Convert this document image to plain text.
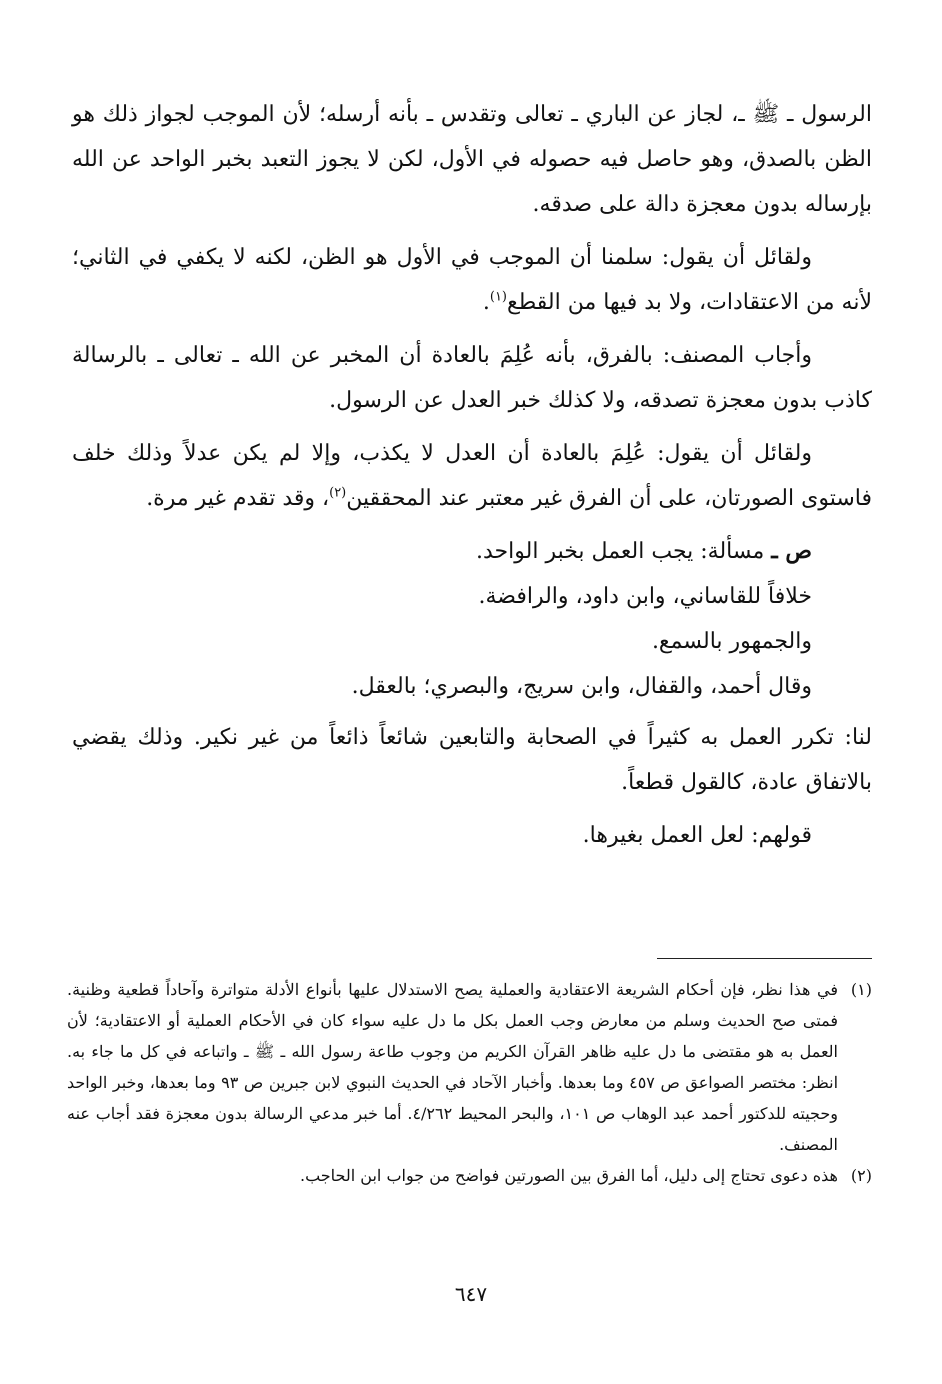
الرسول ـ ﷺ ـ، لجاز عن الباري ـ تعالى وتقدس ـ بأنه أرسله؛ لأن الموجب لجواز ذلك هو الظن بالصدق، وهو حاصل فيه حصوله في الأول، لكن لا يجوز التعبد بخبر الواحد عن الله بإرساله بدون معجزة دالة على صدقه.

ولقائل أن يقول: سلمنا أن الموجب في الأول هو الظن، لكنه لا يكفي في الثاني؛ لأنه من الاعتقادات، ولا بد فيها من القطع$^{(١)}$.

وأجاب المصنف: بالفرق، بأنه عُلِمَ بالعادة أن المخبر عن الله ـ تعالى ـ بالرسالة كاذب بدون معجزة تصدقه، ولا كذلك خبر العدل عن الرسول.

ولقائل أن يقول: عُلِمَ بالعادة أن العدل لا يكذب، وإلا لم يكن عدلاً وذلك خلف فاستوى الصورتان، على أن الفرق غير معتبر عند المحققين$^{(٢)}$، وقد تقدم غير مرة.

ص ـ مسألة: يجب العمل بخبر الواحد.
خلافاً للقاساني، وابن داود، والرافضة.
والجمهور بالسمع.
وقال أحمد، والقفال، وابن سريج، والبصري؛ بالعقل.

لنا: تكرر العمل به كثيراً في الصحابة والتابعين شائعاً ذائعاً من غير نكير. وذلك يقضي بالاتفاق عادة، كالقول قطعاً.

قولهم: لعل العمل بغيرها.

(١)
في هذا نظر، فإن أحكام الشريعة الاعتقادية والعملية يصح الاستدلال عليها بأنواع الأدلة متواترة وآحاداً قطعية وظنية. فمتى صح الحديث وسلم من معارض وجب العمل بكل ما دل عليه سواء كان في الأحكام العملية أو الاعتقادية؛ لأن العمل به هو مقتضى ما دل عليه ظاهر القرآن الكريم من وجوب طاعة رسول الله ـ ﷺ ـ واتباعه في كل ما جاء به. انظر: مختصر الصواعق ص ٤٥٧ وما بعدها. وأخبار الآحاد في الحديث النبوي لابن جبرين ص ٩٣ وما بعدها، وخبر الواحد وحجيته للدكتور أحمد عبد الوهاب ص ١٠١، والبحر المحيط ٤/٢٦٢. أما خبر مدعي الرسالة بدون معجزة فقد أجاب عنه المصنف.
(٢)
هذه دعوى تحتاج إلى دليل، أما الفرق بين الصورتين فواضح من جواب ابن الحاجب.
٦٤٧
